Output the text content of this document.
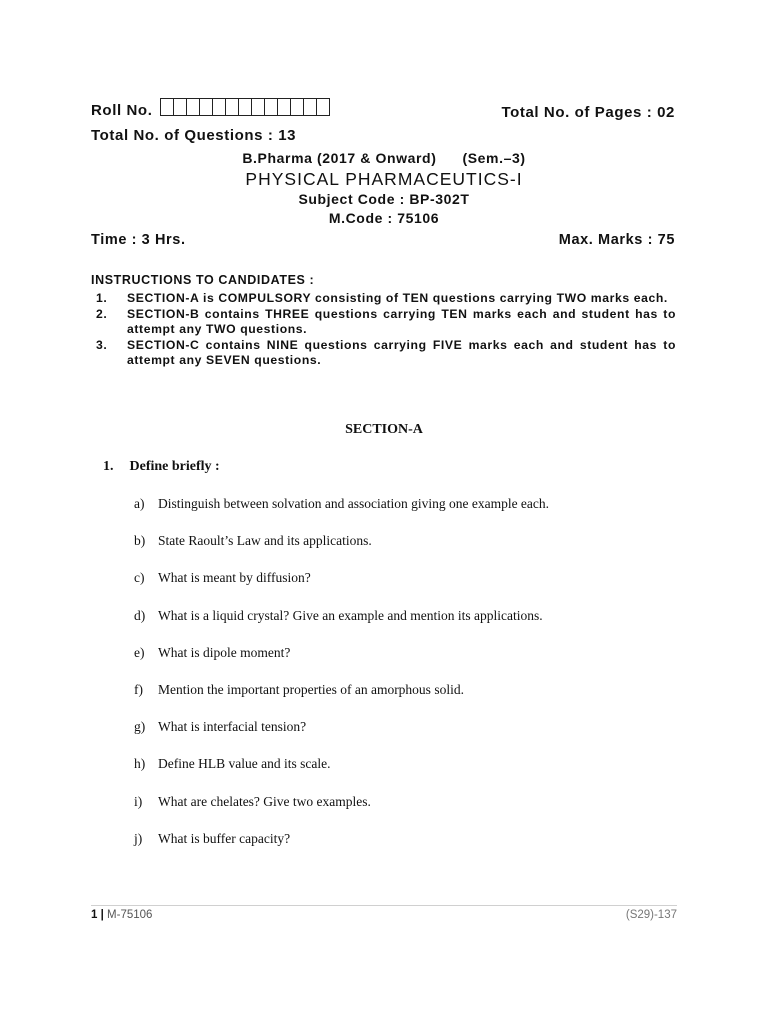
Roll No.	Total No. of Pages : 02
Total No. of Questions : 13
B.Pharma (2017 & Onward) (Sem.–3)
PHYSICAL PHARMACEUTICS-I
Subject Code : BP-302T
M.Code : 75106
Time : 3 Hrs.	Max. Marks : 75
INSTRUCTIONS TO CANDIDATES :
1.	SECTION-A is COMPULSORY consisting of TEN questions carrying TWO marks each.
2.	SECTION-B contains THREE questions carrying TEN marks each and student has to attempt any TWO questions.
3.	SECTION-C contains NINE questions carrying FIVE marks each and student has to attempt any SEVEN questions.
SECTION-A
1. Define briefly :
a)	Distinguish between solvation and association giving one example each.
b) State Raoult’s Law and its applications.
c)	What is meant by diffusion?
d) What is a liquid crystal? Give an example and mention its applications.
e)	What is dipole moment?
f)	Mention the important properties of an amorphous solid.
g) What is interfacial tension?
h) Define HLB value and its scale.
i)	What are chelates? Give two examples.
j)	What is buffer capacity?
1 | M-75106	(S29)-137
